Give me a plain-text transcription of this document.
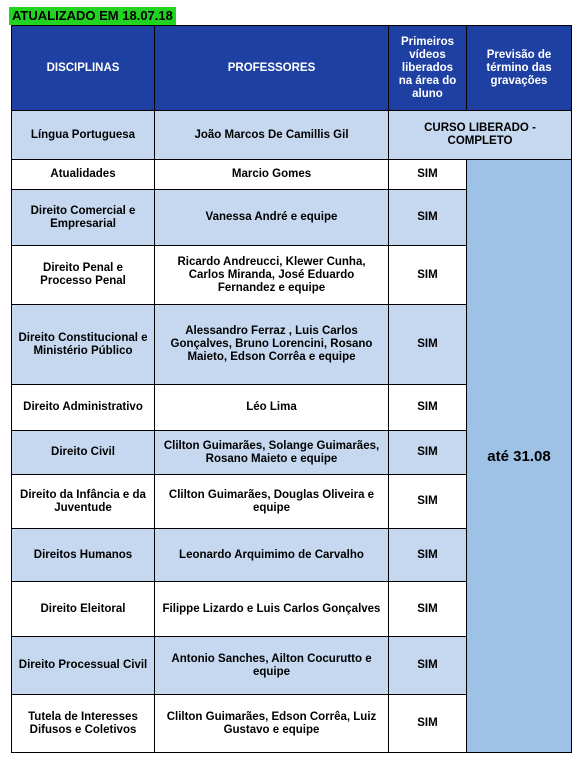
ATUALIZADO EM 18.07.18
DISCIPLINAS	PROFESSORES	Primeiros vídeos liberados na área do aluno	Previsão de término das gravações
Língua Portuguesa	João Marcos De Camillis Gil	CURSO LIBERADO - COMPLETO	
Atualidades	Marcio Gomes	SIM	até 31.08
Direito Comercial e Empresarial	Vanessa André e equipe	SIM	
Direito Penal e Processo Penal	Ricardo Andreucci, Klewer Cunha, Carlos Miranda, José Eduardo Fernandez e equipe	SIM	
Direito Constitucional e Ministério Público	Alessandro Ferraz , Luis Carlos Gonçalves, Bruno Lorencini, Rosano Maieto, Edson Corrêa e equipe	SIM	
Direito Administrativo	Léo Lima	SIM	
Direito Civil	Clilton Guimarães, Solange Guimarães, Rosano Maieto e equipe	SIM	
Direito da Infância e da Juventude	Clilton Guimarães, Douglas Oliveira e equipe	SIM	
Direitos Humanos	Leonardo Arquimimo de Carvalho	SIM	
Direito Eleitoral	Filippe Lizardo e Luis Carlos Gonçalves	SIM	
Direito Processual Civil	Antonio Sanches, Ailton Cocurutto e equipe	SIM	
Tutela de Interesses Difusos e Coletivos	Clilton Guimarães, Edson Corrêa, Luiz Gustavo e equipe	SIM	
